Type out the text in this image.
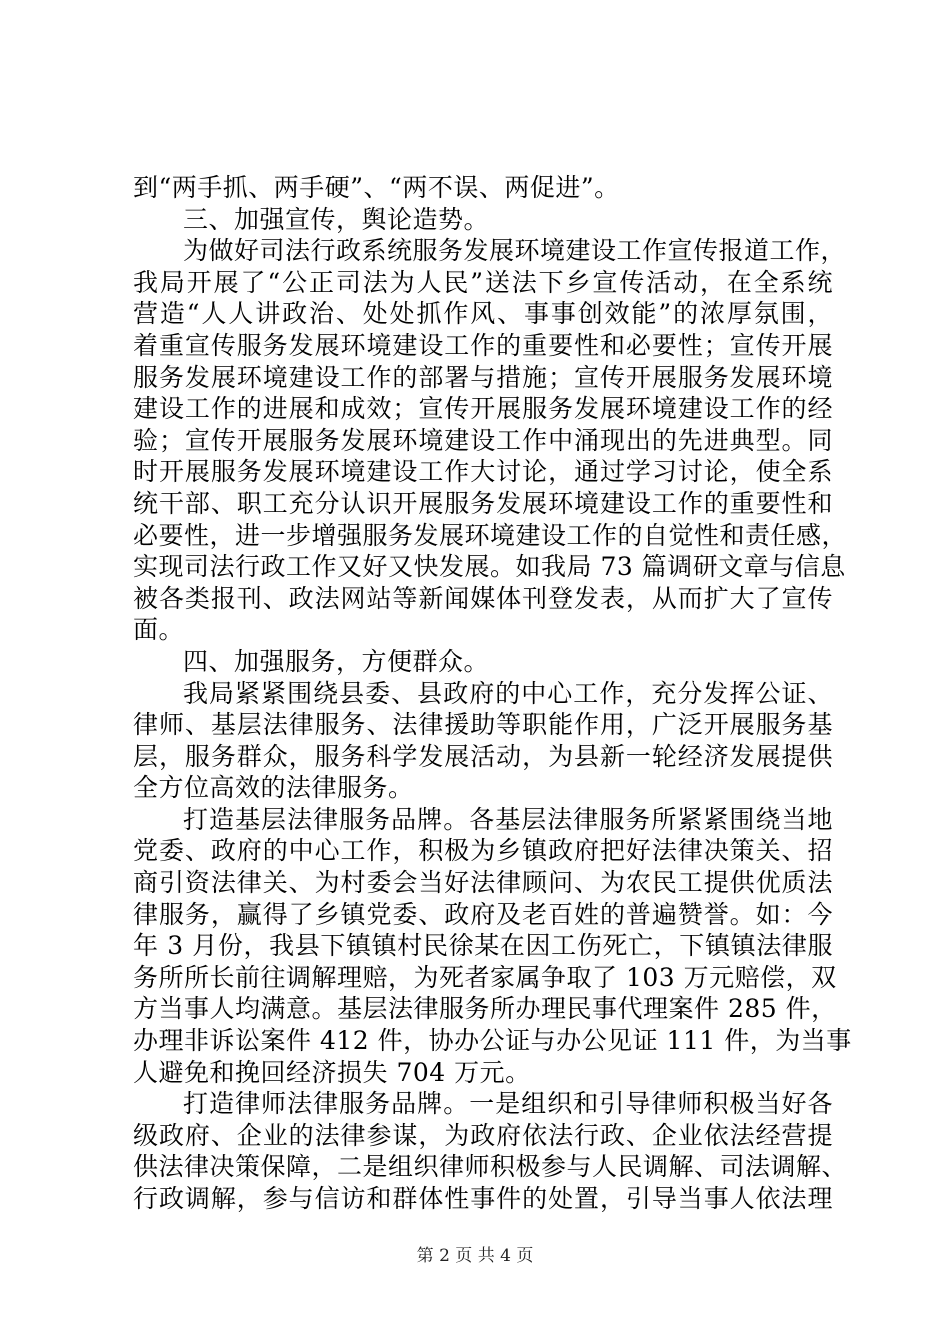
到“两手抓、两手硬”、“两不误、两促进”。
三、加强宣传，舆论造势。
为做好司法行政系统服务发展环境建设工作宣传报道工作，
我局开展了“公正司法为人民”送法下乡宣传活动，在全系统
营造“人人讲政治、处处抓作风、事事创效能”的浓厚氛围，
着重宣传服务发展环境建设工作的重要性和必要性；宣传开展
服务发展环境建设工作的部署与措施；宣传开展服务发展环境
建设工作的进展和成效；宣传开展服务发展环境建设工作的经
验；宣传开展服务发展环境建设工作中涌现出的先进典型。同
时开展服务发展环境建设工作大讨论，通过学习讨论，使全系
统干部、职工充分认识开展服务发展环境建设工作的重要性和
必要性，进一步增强服务发展环境建设工作的自觉性和责任感，
实现司法行政工作又好又快发展。如我局 73 篇调研文章与信息
被各类报刊、政法网站等新闻媒体刊登发表，从而扩大了宣传
面。
四、加强服务，方便群众。
我局紧紧围绕县委、县政府的中心工作，充分发挥公证、
律师、基层法律服务、法律援助等职能作用，广泛开展服务基
层，服务群众，服务科学发展活动，为县新一轮经济发展提供
全方位高效的法律服务。
打造基层法律服务品牌。各基层法律服务所紧紧围绕当地
党委、政府的中心工作，积极为乡镇政府把好法律决策关、招
商引资法律关、为村委会当好法律顾问、为农民工提供优质法
律服务，赢得了乡镇党委、政府及老百姓的普遍赞誉。如：今
年 3 月份，我县下镇镇村民徐某在因工伤死亡，下镇镇法律服
务所所长前往调解理赔，为死者家属争取了 103 万元赔偿，双
方当事人均满意。基层法律服务所办理民事代理案件 285 件，
办理非诉讼案件 412 件，协办公证与办公见证 111 件，为当事
人避免和挽回经济损失 704 万元。
打造律师法律服务品牌。一是组织和引导律师积极当好各
级政府、企业的法律参谋，为政府依法行政、企业依法经营提
供法律决策保障，二是组织律师积极参与人民调解、司法调解、
行政调解，参与信访和群体性事件的处置，引导当事人依法理
第 2 页 共 4 页
